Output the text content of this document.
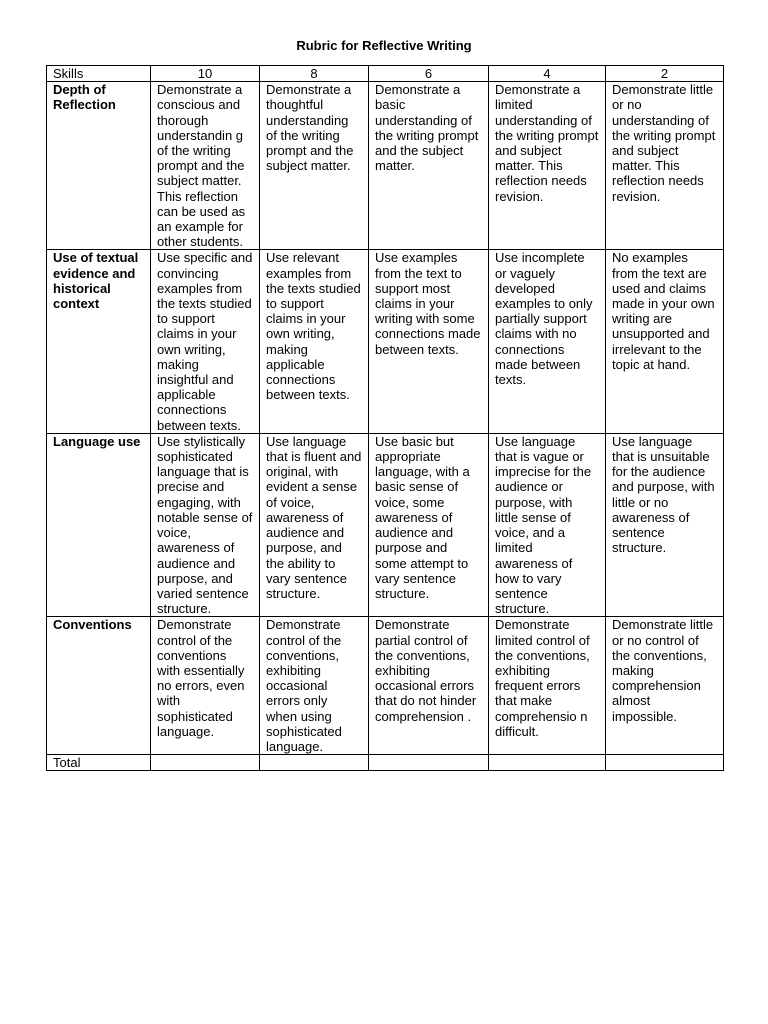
Rubric for Reflective Writing
Skills	10	8	6	4	2
Depth of Reflection	Demonstrate a conscious and thorough understandin g of the writing prompt and the subject matter. This reflection can be used as an example for other students.	Demonstrate a thoughtful understanding of the writing prompt and the subject matter.	Demonstrate a basic understanding of the writing prompt and the subject matter.	Demonstrate a limited understanding of the writing prompt and subject matter. This reflection needs revision.	Demonstrate little or no understanding of the writing prompt and subject matter. This reflection needs revision.
Use of textual evidence and historical context	Use specific and convincing examples from the texts studied to support claims in your own writing, making insightful and applicable connections between texts.	Use relevant examples from the texts studied to support claims in your own writing, making applicable connections between texts.	Use examples from the text to support most claims in your writing with some connections made between texts.	Use incomplete or vaguely developed examples to only partially support claims with no connections made between texts.	No examples from the text are used and claims made in your own writing are unsupported and irrelevant to the topic at hand.
Language use	Use stylistically sophisticated language that is precise and engaging, with notable sense of voice, awareness of audience and purpose, and varied sentence structure.	Use language that is fluent and original, with evident a sense of voice, awareness of audience and purpose, and the ability to vary sentence structure.	Use basic but appropriate language, with a basic sense of voice, some awareness of audience and purpose and some attempt to vary sentence structure.	Use language that is vague or imprecise for the audience or purpose, with little sense of voice, and a limited awareness of how to vary sentence structure.	Use language that is unsuitable for the audience and purpose, with little or no awareness of sentence structure.
Conventions	Demonstrate control of the conventions with essentially no errors, even with sophisticated language.	Demonstrate control of the conventions, exhibiting occasional errors only when using sophisticated language.	Demonstrate partial control of the conventions, exhibiting occasional errors that do not hinder comprehension .	Demonstrate limited control of the conventions, exhibiting frequent errors that make comprehensio n difficult.	Demonstrate little or no control of the conventions, making comprehension almost impossible.
Total					
